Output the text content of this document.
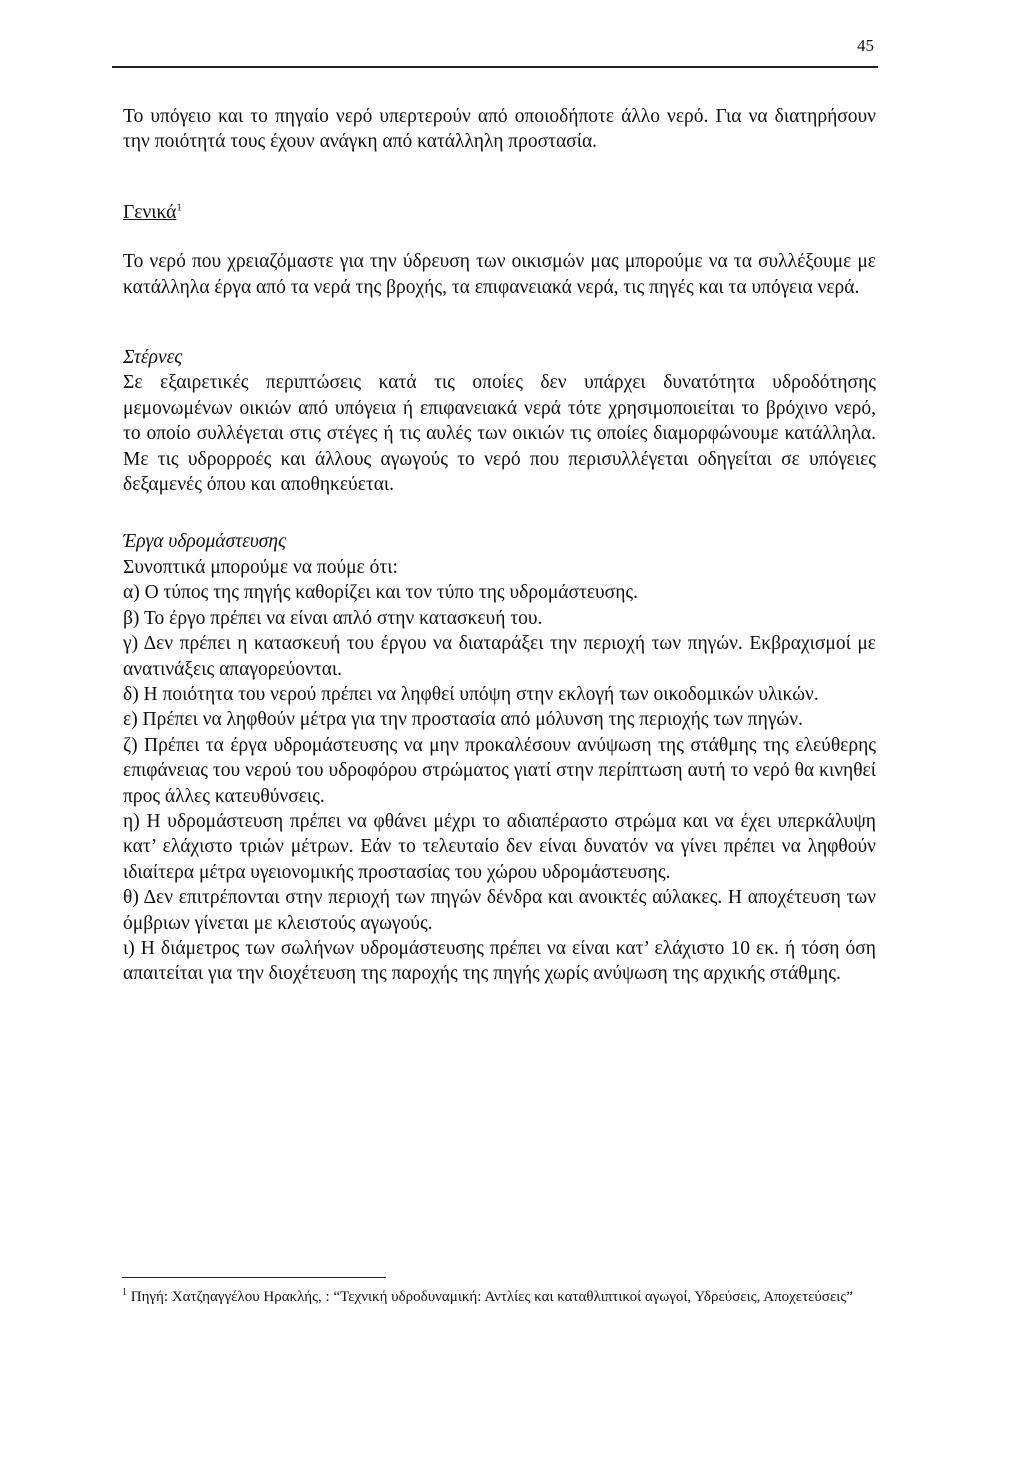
45

Το υπόγειο και το πηγαίο νερό υπερτερούν από οποιοδήποτε άλλο νερό. Για να διατηρήσουν την ποιότητά τους έχουν ανάγκη από κατάλληλη προστασία.

Γενικά$^1$

Το νερό που χρειαζόμαστε για την ύδρευση των οικισμών μας μπορούμε να τα συλλέξουμε με κατάλληλα έργα από τα νερά της βροχής, τα επιφανειακά νερά, τις πηγές και τα υπόγεια νερά.

Στέρνες

Σε εξαιρετικές περιπτώσεις κατά τις οποίες δεν υπάρχει δυνατότητα υδροδότησης μεμονωμένων οικιών από υπόγεια ή επιφανειακά νερά τότε χρησιμοποιείται το βρόχινο νερό, το οποίο συλλέγεται στις στέγες ή τις αυλές των οικιών τις οποίες διαμορφώνουμε κατάλληλα. Με τις υδρορροές και άλλους αγωγούς το νερό που περισυλλέγεται οδηγείται σε υπόγειες δεξαμενές όπου και αποθηκεύεται.

Έργα υδρομάστευσης

Συνοπτικά μπορούμε να πούμε ότι:

α) Ο τύπος της πηγής καθορίζει και τον τύπο της υδρομάστευσης.

β) Το έργο πρέπει να είναι απλό στην κατασκευή του.

γ) Δεν πρέπει η κατασκευή του έργου να διαταράξει την περιοχή των πηγών. Εκβραχισμοί με ανατινάξεις απαγορεύονται.

δ) Η ποιότητα του νερού πρέπει να ληφθεί υπόψη στην εκλογή των οικοδομικών υλικών.

ε) Πρέπει να ληφθούν μέτρα για την προστασία από μόλυνση της περιοχής των πηγών.

ζ) Πρέπει τα έργα υδρομάστευσης να μην προκαλέσουν ανύψωση της στάθμης της ελεύθερης επιφάνειας του νερού του υδροφόρου στρώματος γιατί στην περίπτωση αυτή το νερό θα κινηθεί προς άλλες κατευθύνσεις.

η) Η υδρομάστευση πρέπει να φθάνει μέχρι το αδιαπέραστο στρώμα και να έχει υπερκάλυψη κατ’ ελάχιστο τριών μέτρων. Εάν το τελευταίο δεν είναι δυνατόν να γίνει πρέπει να ληφθούν ιδιαίτερα μέτρα υγειονομικής προστασίας του χώρου υδρομάστευσης.

θ) Δεν επιτρέπονται στην περιοχή των πηγών δένδρα και ανοικτές αύλακες. Η αποχέτευση των όμβριων γίνεται με κλειστούς αγωγούς.

ι) Η διάμετρος των σωλήνων υδρομάστευσης πρέπει να είναι κατ’ ελάχιστο 10 εκ. ή τόση όση απαιτείται για την διοχέτευση της παροχής της πηγής χωρίς ανύψωση της αρχικής στάθμης.

$^1$ Πηγή: Χατζηαγγέλου Ηρακλής, : “Τεχνική υδροδυναμική: Αντλίες και καταθλιπτικοί αγωγοί, Υδρεύσεις, Αποχετεύσεις”
